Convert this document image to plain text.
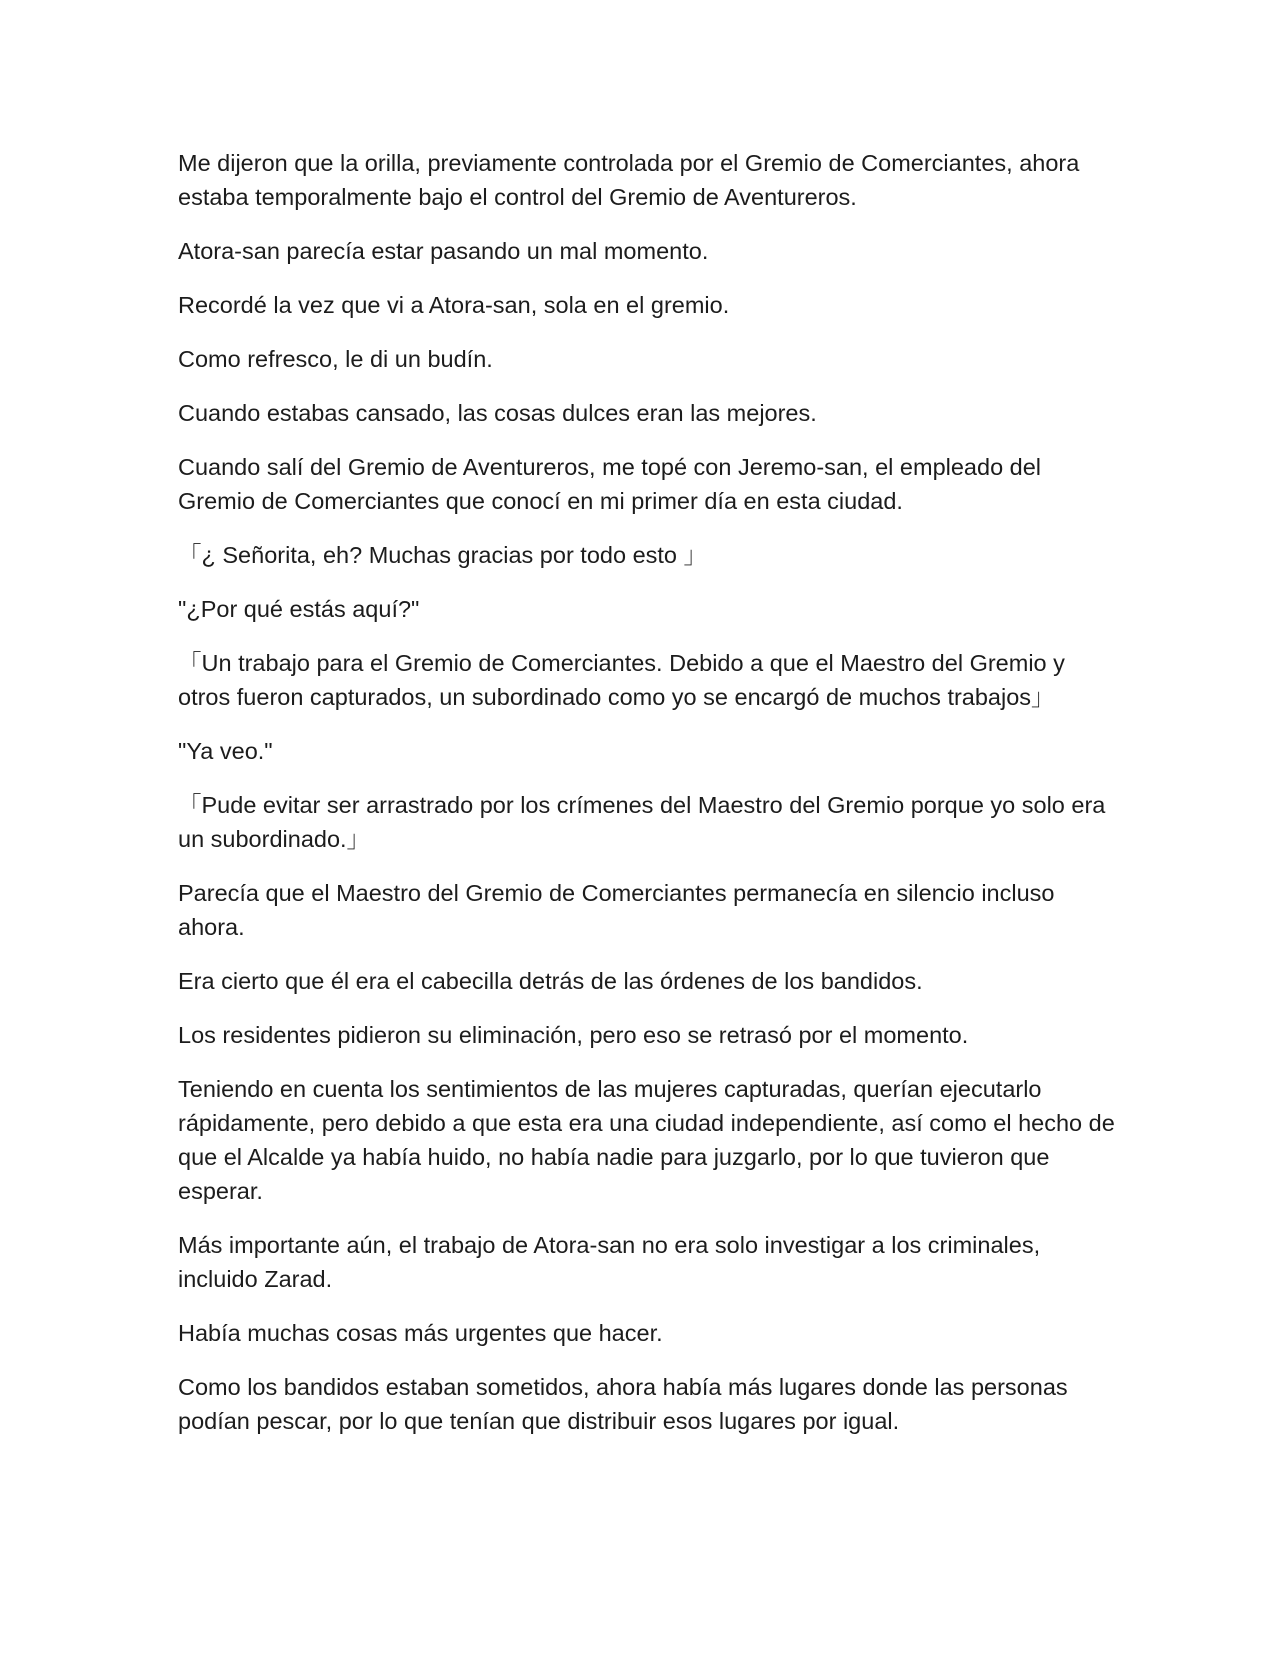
Me dijeron que la orilla, previamente controlada por el Gremio de Comerciantes, ahora estaba temporalmente bajo el control del Gremio de Aventureros.

Atora-san parecía estar pasando un mal momento.

Recordé la vez que vi a Atora-san, sola en el gremio.

Como refresco, le di un budín.

Cuando estabas cansado, las cosas dulces eran las mejores.

Cuando salí del Gremio de Aventureros, me topé con Jeremo-san, el empleado del Gremio de Comerciantes que conocí en mi primer día en esta ciudad.

「¿ Señorita, eh? Muchas gracias por todo esto 」

"¿Por qué estás aquí?"

「Un trabajo para el Gremio de Comerciantes. Debido a que el Maestro del Gremio y otros fueron capturados, un subordinado como yo se encargó de muchos trabajos」

"Ya veo."

「Pude evitar ser arrastrado por los crímenes del Maestro del Gremio porque yo solo era un subordinado.」

Parecía que el Maestro del Gremio de Comerciantes permanecía en silencio incluso ahora.

Era cierto que él era el cabecilla detrás de las órdenes de los bandidos.

Los residentes pidieron su eliminación, pero eso se retrasó por el momento.

Teniendo en cuenta los sentimientos de las mujeres capturadas, querían ejecutarlo rápidamente, pero debido a que esta era una ciudad independiente, así como el hecho de que el Alcalde ya había huido, no había nadie para juzgarlo, por lo que tuvieron que esperar.

Más importante aún, el trabajo de Atora-san no era solo investigar a los criminales, incluido Zarad.

Había muchas cosas más urgentes que hacer.

Como los bandidos estaban sometidos, ahora había más lugares donde las personas podían pescar, por lo que tenían que distribuir esos lugares por igual.
